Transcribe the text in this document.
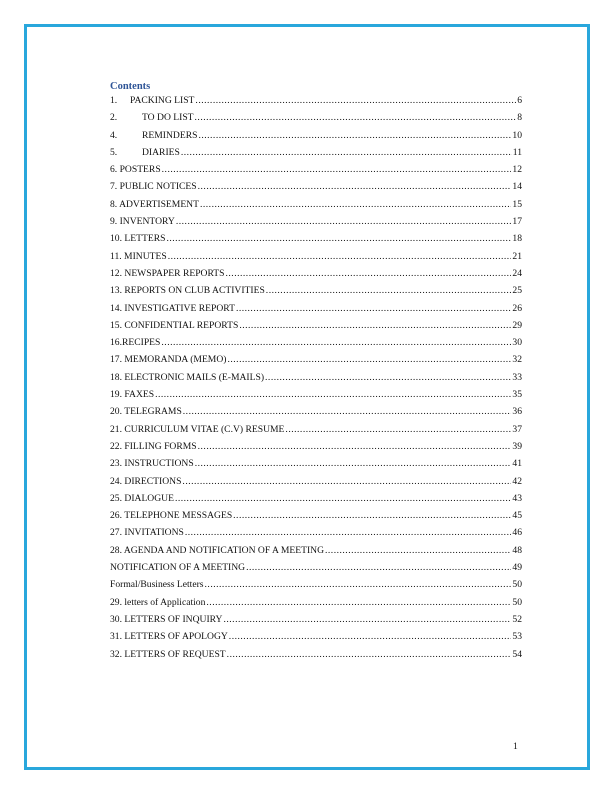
Contents
1.	PACKING LIST .....	6
2.	TO DO LIST .....	8
4.	REMINDERS .....	10
5.	DIARIES .....	11
6. POSTERS .....	12
7. PUBLIC NOTICES .....	14
8. ADVERTISEMENT .....	15
9. INVENTORY .....	17
10. LETTERS .....	18
11. MINUTES .....	21
12. NEWSPAPER REPORTS .....	24
13. REPORTS ON CLUB ACTIVITIES .....	25
14. INVESTIGATIVE REPORT .....	26
15. CONFIDENTIAL REPORTS .....	29
16.RECIPES .....	30
17. MEMORANDA (MEMO) .....	32
18. ELECTRONIC MAILS (E-MAILS) .....	33
19. FAXES .....	35
20. TELEGRAMS .....	36
21. CURRICULUM VITAE (C.V) RESUME .....	37
22. FILLING FORMS .....	39
23. INSTRUCTIONS .....	41
24. DIRECTIONS .....	42
25. DIALOGUE .....	43
26. TELEPHONE MESSAGES .....	45
27. INVITATIONS .....	46
28. AGENDA AND NOTIFICATION OF A MEETING .....	48
NOTIFICATION OF A MEETING .....	49
Formal/Business Letters .....	50
29. letters of Application .....	50
30. LETTERS OF INQUIRY .....	52
31. LETTERS OF APOLOGY .....	53
32. LETTERS OF REQUEST .....	54
1
